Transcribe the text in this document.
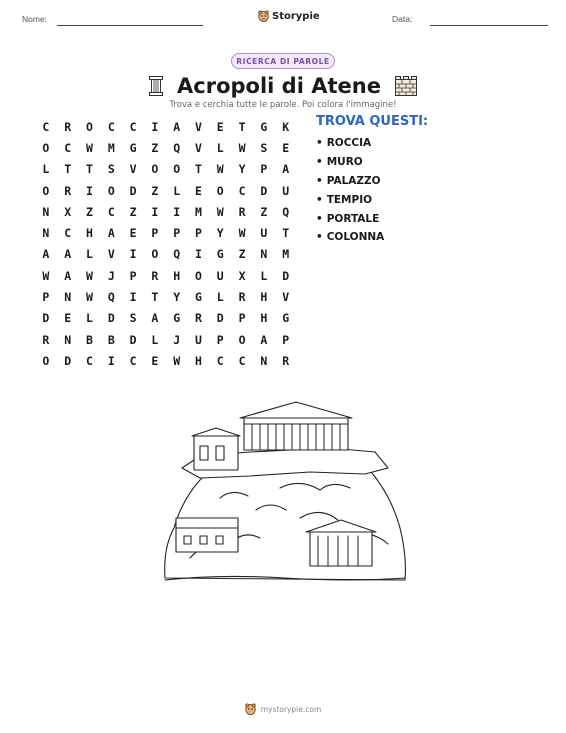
Nome:	Storypie	Data:
RICERCA DI PAROLE
Acropoli di Atene
Trova e cerchia tutte le parole. Poi colora l'immagine!
C	R	O	C	C	I	A	V	E	T	G	K
O	C	W	M	G	Z	Q	V	L	W	S	E
L	T	T	S	V	O	O	T	W	Y	P	A
O	R	I	O	D	Z	L	E	O	C	D	U
N	X	Z	C	Z	I	I	M	W	R	Z	Q
N	C	H	A	E	P	P	P	Y	W	U	T
A	A	L	V	I	O	Q	I	G	Z	N	M
W	A	W	J	P	R	H	O	U	X	L	D
P	N	W	Q	I	T	Y	G	L	R	H	V
D	E	L	D	S	A	G	R	D	P	H	G
R	N	B	B	D	L	J	U	P	O	A	P
O	D	C	I	C	E	W	H	C	C	N	R
TROVA QUESTI:
• ROCCIA
• MURO
• PALAZZO
• TEMPIO
• PORTALE
• COLONNA
mystorypie.com
